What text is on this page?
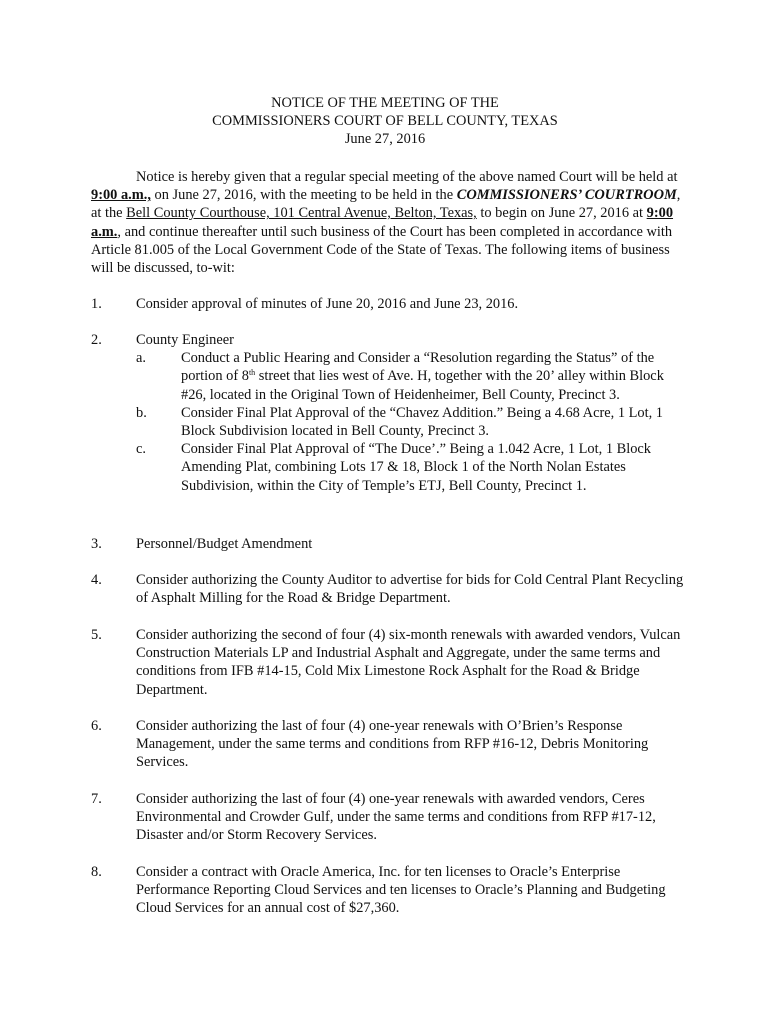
NOTICE OF THE MEETING OF THE
COMMISSIONERS COURT OF BELL COUNTY, TEXAS
June 27, 2016
Notice is hereby given that a regular special meeting of the above named Court will be held at 9:00 a.m., on June 27, 2016, with the meeting to be held in the COMMISSIONERS’ COURTROOM, at the Bell County Courthouse, 101 Central Avenue, Belton, Texas, to begin on June 27, 2016 at 9:00 a.m., and continue thereafter until such business of the Court has been completed in accordance with Article 81.005 of the Local Government Code of the State of Texas. The following items of business will be discussed, to-wit:
1. Consider approval of minutes of June 20, 2016 and June 23, 2016.
2. County Engineer
a. Conduct a Public Hearing and Consider a “Resolution regarding the Status” of the portion of 8th street that lies west of Ave. H, together with the 20’ alley within Block #26, located in the Original Town of Heidenheimer, Bell County, Precinct 3.
b. Consider Final Plat Approval of the “Chavez Addition.” Being a 4.68 Acre, 1 Lot, 1 Block Subdivision located in Bell County, Precinct 3.
c. Consider Final Plat Approval of “The Duce’.” Being a 1.042 Acre, 1 Lot, 1 Block Amending Plat, combining Lots 17 & 18, Block 1 of the North Nolan Estates Subdivision, within the City of Temple’s ETJ, Bell County, Precinct 1.
3. Personnel/Budget Amendment
4. Consider authorizing the County Auditor to advertise for bids for Cold Central Plant Recycling of Asphalt Milling for the Road & Bridge Department.
5. Consider authorizing the second of four (4) six-month renewals with awarded vendors, Vulcan Construction Materials LP and Industrial Asphalt and Aggregate, under the same terms and conditions from IFB #14-15, Cold Mix Limestone Rock Asphalt for the Road & Bridge Department.
6. Consider authorizing the last of four (4) one-year renewals with O’Brien’s Response Management, under the same terms and conditions from RFP #16-12, Debris Monitoring Services.
7. Consider authorizing the last of four (4) one-year renewals with awarded vendors, Ceres Environmental and Crowder Gulf, under the same terms and conditions from RFP #17-12, Disaster and/or Storm Recovery Services.
8. Consider a contract with Oracle America, Inc. for ten licenses to Oracle’s Enterprise Performance Reporting Cloud Services and ten licenses to Oracle’s Planning and Budgeting Cloud Services for an annual cost of $27,360.
